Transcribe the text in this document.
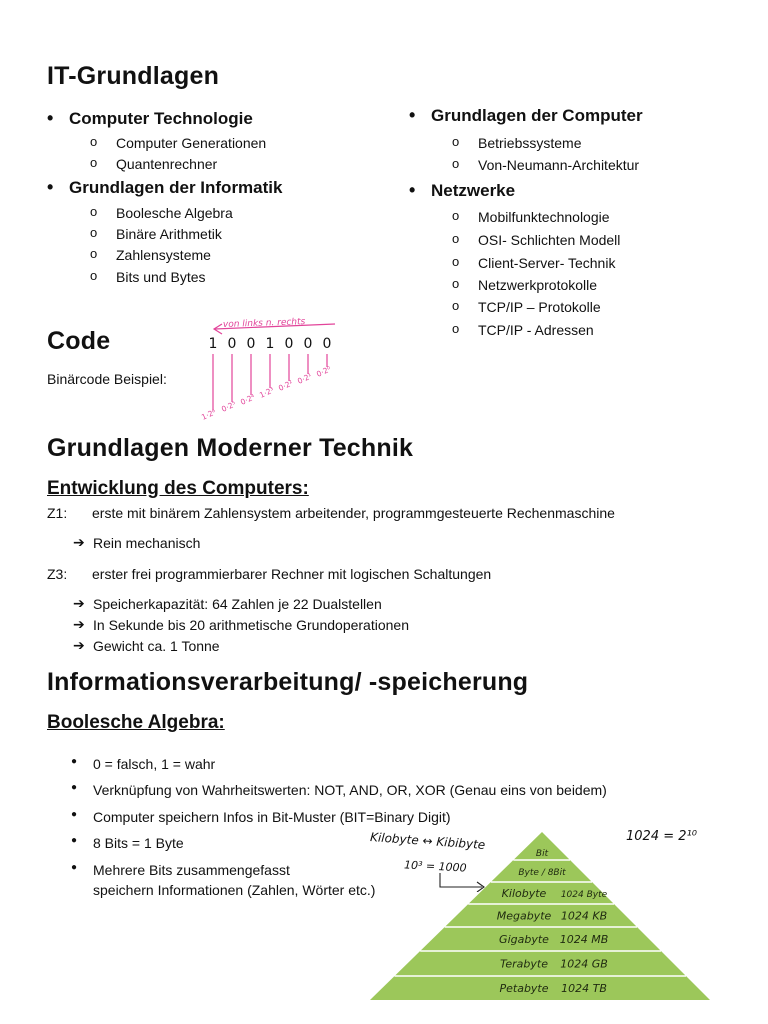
IT-Grundlagen
• Computer Technologie
o Computer Generationen
o Quantenrechner
• Grundlagen der Informatik
o Boolesche Algebra
o Binäre Arithmetik
o Zahlensysteme
o Bits und Bytes
• Grundlagen der Computer
o Betriebssysteme
o Von-Neumann-Architektur
• Netzwerke
o Mobilfunktechnologie
o OSI- Schlichten Modell
o Client-Server- Technik
o Netzwerkprotokolle
o TCP/IP – Protokolle
o TCP/IP - Adressen
Code
Binärcode Beispiel:
von links n. rechts
1 0 0 1 0 0 0
1·2⁶
0·2⁵ 0·2⁴ 1·2³ 0·2² 0·2¹ 0·2⁰
Grundlagen Moderner Technik
Entwicklung des Computers:
Z1: erste mit binärem Zahlensystem arbeitender, programmgesteuerte Rechenmaschine
➔ Rein mechanisch
Z3: erster frei programmierbarer Rechner mit logischen Schaltungen
➔ Speicherkapazität: 64 Zahlen je 22 Dualstellen
➔ In Sekunde bis 20 arithmetische Grundoperationen
➔ Gewicht ca. 1 Tonne
Informationsverarbeitung/ -speicherung
Boolesche Algebra:
● 0 = falsch, 1 = wahr
● Verknüpfung von Wahrheitswerten: NOT, AND, OR, XOR (Genau eins von beidem)
● Computer speichern Infos in Bit-Muster (BIT=Binary Digit)
● 8 Bits = 1 Byte
● Mehrere Bits zusammengefasst
speichern Informationen (Zahlen, Wörter etc.)
Kilobyte ↔ Kibibyte
10³ = 1000
1024 = 2¹⁰
Bit
Byte / 8Bit
Kilobyte 1024 Byte
Megabyte 1024 KB
Gigabyte 1024 MB
Terabyte 1024 GB
Petabyte 1024 TB
